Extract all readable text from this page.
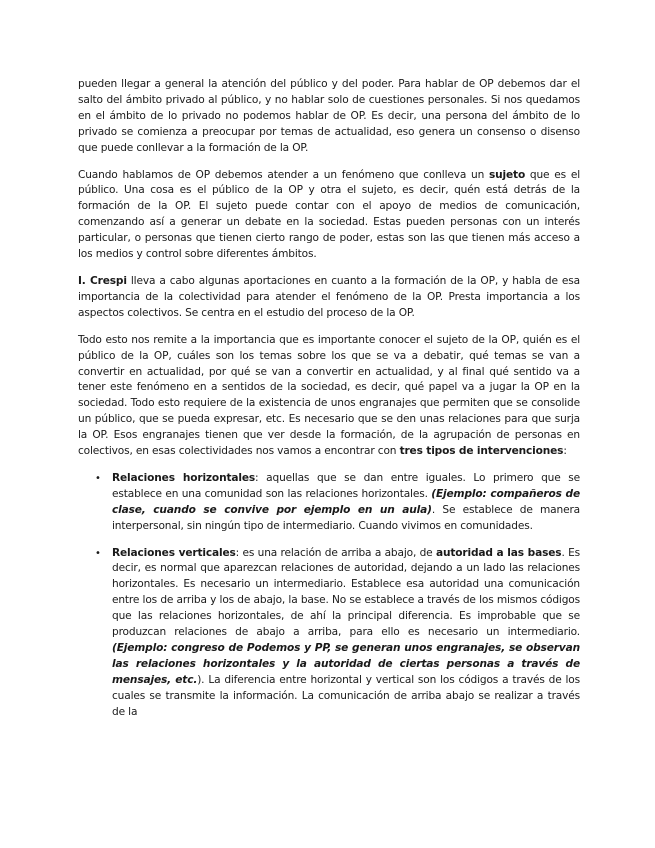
pueden llegar a general la atención del público y del poder. Para hablar de OP debemos dar el salto del ámbito privado al público, y no hablar solo de cuestiones personales. Si nos quedamos en el ámbito de lo privado no podemos hablar de OP. Es decir, una persona del ámbito de lo privado se comienza a preocupar por temas de actualidad, eso genera un consenso o disenso que puede conllevar a la formación de la OP.

Cuando hablamos de OP debemos atender a un fenómeno que conlleva un sujeto que es el público. Una cosa es el público de la OP y otra el sujeto, es decir, quén está detrás de la formación de la OP. El sujeto puede contar con el apoyo de medios de comunicación, comenzando así a generar un debate en la sociedad. Estas pueden personas con un interés particular, o personas que tienen cierto rango de poder, estas son las que tienen más acceso a los medios y control sobre diferentes ámbitos.

I. Crespi lleva a cabo algunas aportaciones en cuanto a la formación de la OP, y habla de esa importancia de la colectividad para atender el fenómeno de la OP. Presta importancia a los aspectos colectivos. Se centra en el estudio del proceso de la OP.

Todo esto nos remite a la importancia que es importante conocer el sujeto de la OP, quién es el público de la OP, cuáles son los temas sobre los que se va a debatir, qué temas se van a convertir en actualidad, por qué se van a convertir en actualidad, y al final qué sentido va a tener este fenómeno en a sentidos de la sociedad, es decir, qué papel va a jugar la OP en la sociedad. Todo esto requiere de la existencia de unos engranajes que permiten que se consolide un público, que se pueda expresar, etc. Es necesario que se den unas relaciones para que surja la OP. Esos engranajes tienen que ver desde la formación, de la agrupación de personas en colectivos, en esas colectividades nos vamos a encontrar con tres tipos de intervenciones:

• Relaciones horizontales: aquellas que se dan entre iguales. Lo primero que se establece en una comunidad son las relaciones horizontales. (Ejemplo: compañeros de clase, cuando se convive por ejemplo en un aula). Se establece de manera interpersonal, sin ningún tipo de intermediario. Cuando vivimos en comunidades.
• Relaciones verticales: es una relación de arriba a abajo, de autoridad a las bases. Es decir, es normal que aparezcan relaciones de autoridad, dejando a un lado las relaciones horizontales. Es necesario un intermediario. Establece esa autoridad una comunicación entre los de arriba y los de abajo, la base. No se establece a través de los mismos códigos que las relaciones horizontales, de ahí la principal diferencia. Es improbable que se produzcan relaciones de abajo a arriba, para ello es necesario un intermediario. (Ejemplo: congreso de Podemos y PP, se generan unos engranajes, se observan las relaciones horizontales y la autoridad de ciertas personas a través de mensajes, etc.). La diferencia entre horizontal y vertical son los códigos a través de los cuales se transmite la información. La comunicación de arriba abajo se realizar a través de la
